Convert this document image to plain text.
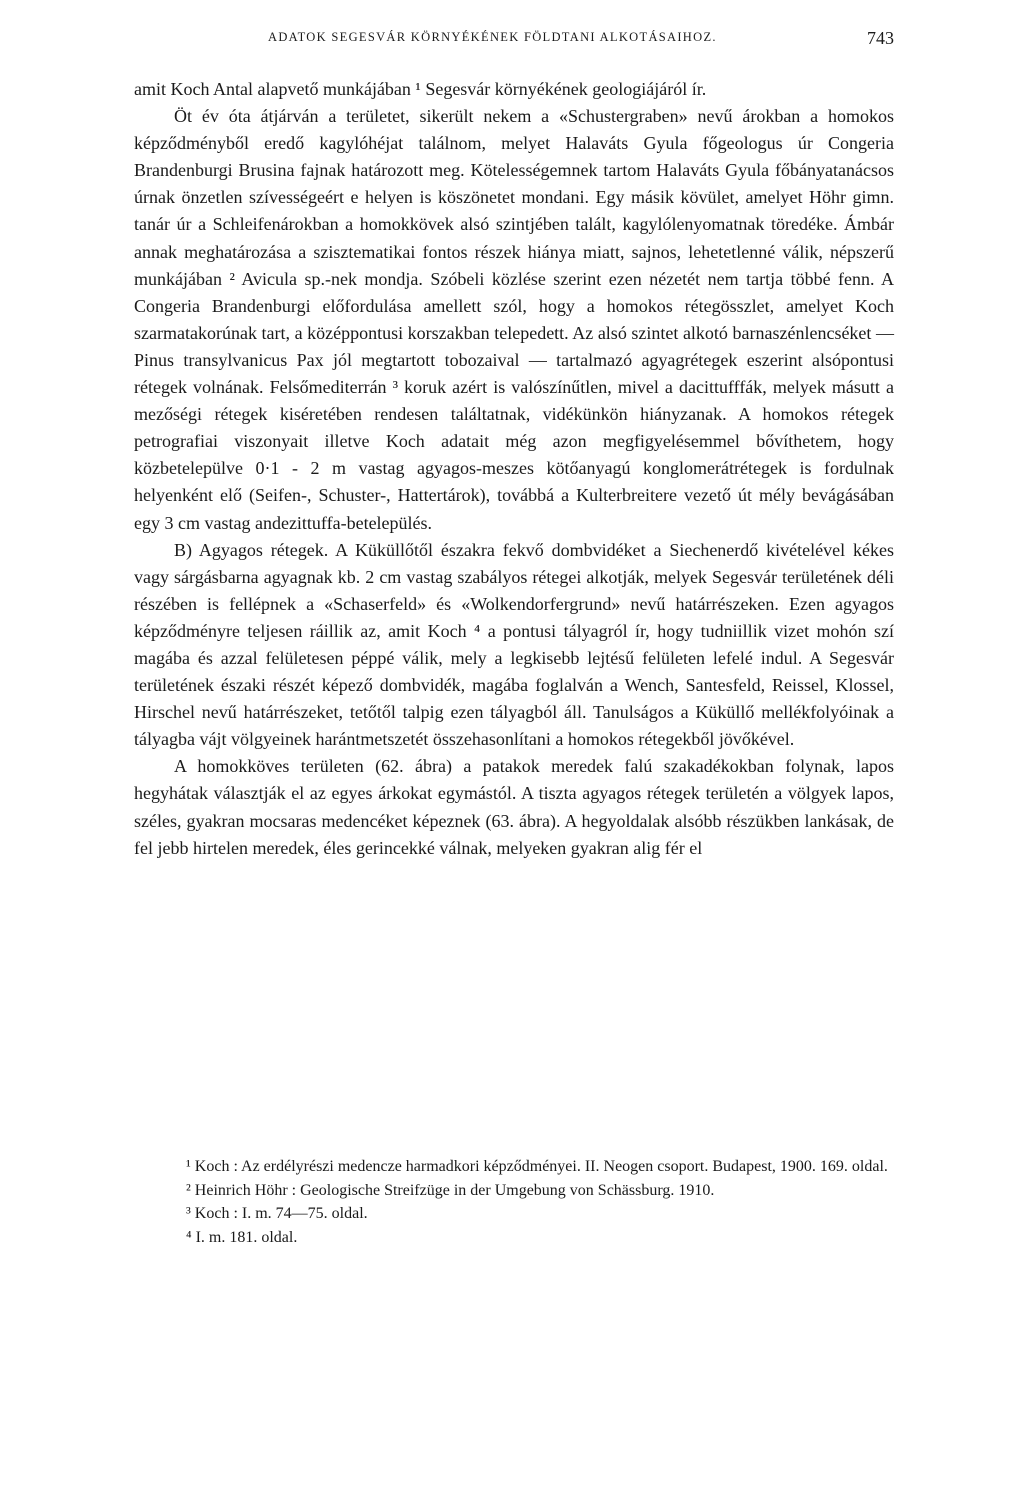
ADATOK SEGESVÁR KÖRNYÉKÉNEK FÖLDTANI ALKOTÁSAIHOZ.	743

amit Koch Antal alapvető munkájában ¹ Segesvár környékének geologiájáról ír.

Öt év óta átjárván a területet, sikerült nekem a «Schustergraben» nevű árokban a homokos képződményből eredő kagylóhéjat találnom, melyet Halaváts Gyula főgeologus úr Congeria Brandenburgi Brusina fajnak határozott meg. Kötelességemnek tartom Halaváts Gyula főbányatanácsos úrnak önzetlen szívességeért e helyen is köszönetet mondani. Egy másik kövület, amelyet Höhr gimn. tanár úr a Schleifenárokban a homokkövek alsó szintjében talált, kagylólenyomatnak töredéke. Ámbár annak meghatározása a szisztematikai fontos részek hiánya miatt, sajnos, lehetetlenné válik, népszerű munkájában ² Avicula sp.-nek mondja. Szóbeli közlése szerint ezen nézetét nem tartja többé fenn. A Congeria Brandenburgi előfordulása amellett szól, hogy a homokos rétegösszlet, amelyet Koch szarmatakorúnak tart, a középpontusi korszakban telepedett. Az alsó szintet alkotó barnaszénlencséket — Pinus transylvanicus Pax jól megtartott tobozaival — tartalmazó agyagrétegek eszerint alsópontusi rétegek volnának. Felsőmediterrán ³ koruk azért is valószínűtlen, mivel a dacittufffák, melyek másutt a mezőségi rétegek kiséretében rendesen találtatnak, vidékünkön hiányzanak. A homokos rétegek petrografiai viszonyait illetve Koch adatait még azon megfigyelésemmel bővíthetem, hogy közbetelepülve 0·1 - 2 m vastag agyagos-meszes kötőanyagú konglomerátrétegek is fordulnak helyenként elő (Seifen-, Schuster-, Hattertárok), továbbá a Kulterbreitere vezető út mély bevágásában egy 3 cm vastag andezittuffa-betelepülés.

B) Agyagos rétegek. A Küküllőtől északra fekvő dombvidéket a Siechenerdő kivételével kékes vagy sárgásbarna agyagnak kb. 2 cm vastag szabályos rétegei alkotják, melyek Segesvár területének déli részében is fellépnek a «Schaserfeld» és «Wolkendorfergrund» nevű határrészeken. Ezen agyagos képződményre teljesen ráillik az, amit Koch ⁴ a pontusi tályagról ír, hogy tudniillik vizet mohón szí magába és azzal felületesen péppé válik, mely a legkisebb lejtésű felületen lefelé indul. A Segesvár területének északi részét képező dombvidék, magába foglalván a Wench, Santesfeld, Reissel, Klossel, Hirschel nevű határrészeket, tetőtől talpig ezen tályagból áll. Tanulságos a Küküllő mellékfolyóinak a tályagba vájt völgyeinek harántmetszetét összehasonlítani a homokos rétegekből jövőkével.

A homokköves területen (62. ábra) a patakok meredek falú szakadékokban folynak, lapos hegyhátak választják el az egyes árkokat egymástól. A tiszta agyagos rétegek területén a völgyek lapos, széles, gyakran mocsaras medencéket képeznek (63. ábra). A hegyoldalak alsóbb részükben lankásak, de fel jebb hirtelen meredek, éles gerincekké válnak, melyeken gyakran alig fér el

¹ Koch : Az erdélyrészi medencze harmadkori képződményei. II. Neogen csoport. Budapest, 1900. 169. oldal.

² Heinrich Höhr : Geologische Streifzüge in der Umgebung von Schässburg. 1910.

³ Koch : I. m. 74—75. oldal.

⁴ I. m. 181. oldal.
